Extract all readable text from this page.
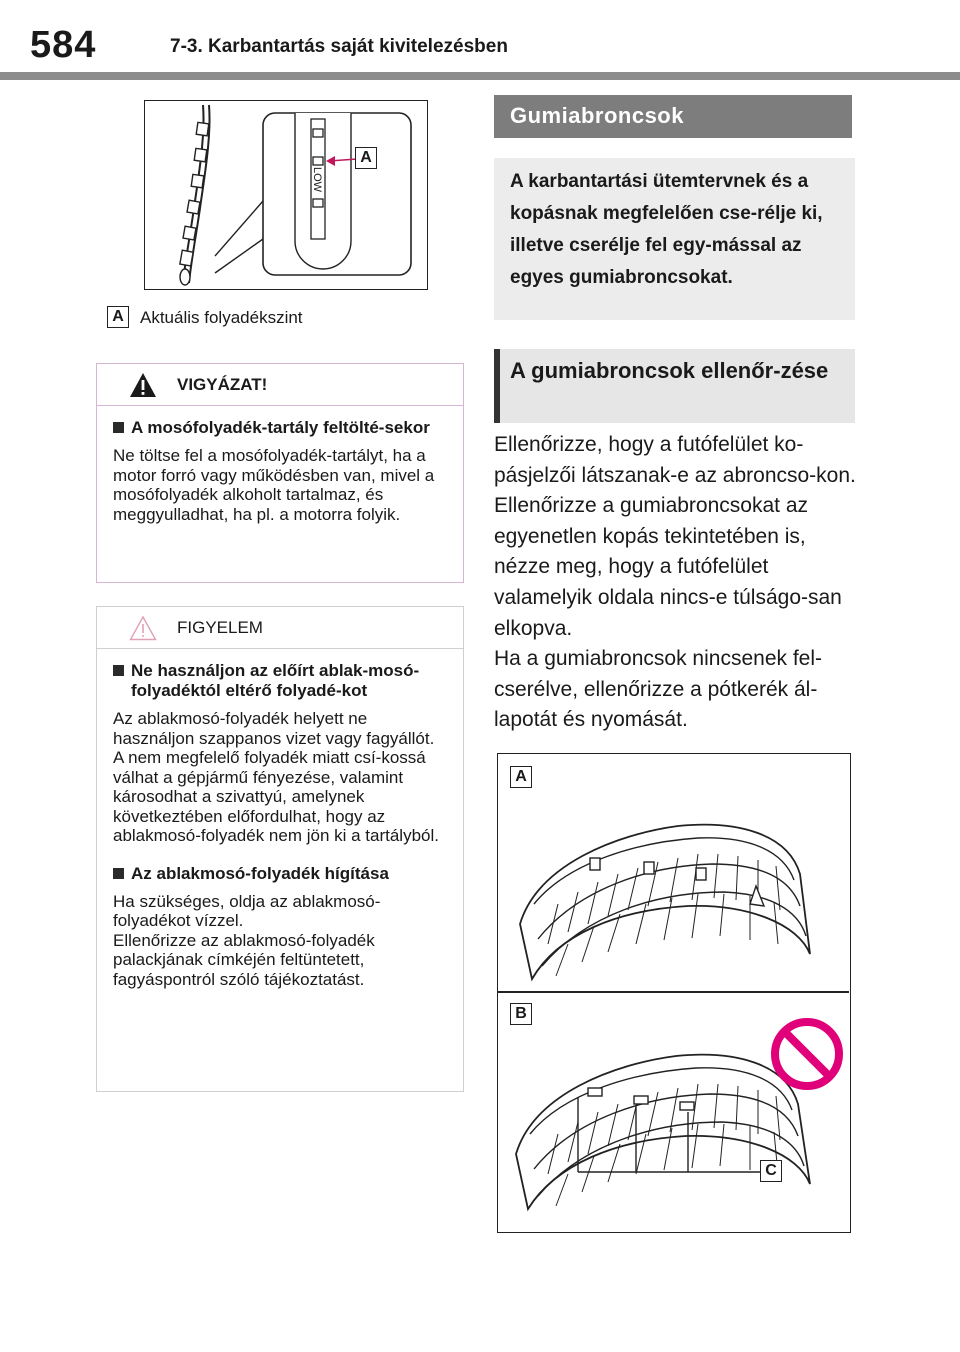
584	7-3. Karbantartás saját kivitelezésben
LOW
A
A Aktuális folyadékszint
VIGYÁZAT!
A mosófolyadék-tartály feltölté-sekor
Ne töltse fel a mosófolyadék-tartályt, ha a motor forró vagy működésben van, mivel a mosófolyadék alkoholt tartalmaz, és meggyulladhat, ha pl. a motorra folyik.
FIGYELEM
Ne használjon az előírt ablak-mosó-folyadéktól eltérő folyadé-kot
Az ablakmosó-folyadék helyett ne használjon szappanos vizet vagy fagyállót.
A nem megfelelő folyadék miatt csí-kossá válhat a gépjármű fényezése, valamint károsodhat a szivattyú, amelynek következtében előfordulhat, hogy az ablakmosó-folyadék nem jön ki a tartályból.
Az ablakmosó-folyadék hígítása
Ha szükséges, oldja az ablakmosó-folyadékot vízzel.
Ellenőrizze az ablakmosó-folyadék palackjának címkéjén feltüntetett, fagyáspontról szóló tájékoztatást.
Gumiabroncsok
A karbantartási ütemtervnek és a kopásnak megfelelően cse-rélje ki, illetve cserélje fel egy-mással az egyes gumiabroncsokat.
A gumiabroncsok ellenőr-zése
Ellenőrizze, hogy a futófelület ko-pásjelzői látszanak-e az abroncso-kon. Ellenőrizze a gumiabroncsokat az egyenetlen kopás tekintetében is, nézze meg, hogy a futófelület valamelyik oldala nincs-e túlságo-san elkopva.
Ha a gumiabroncsok nincsenek fel-cserélve, ellenőrizze a pótkerék ál-lapotát és nyomását.
A
B
C
